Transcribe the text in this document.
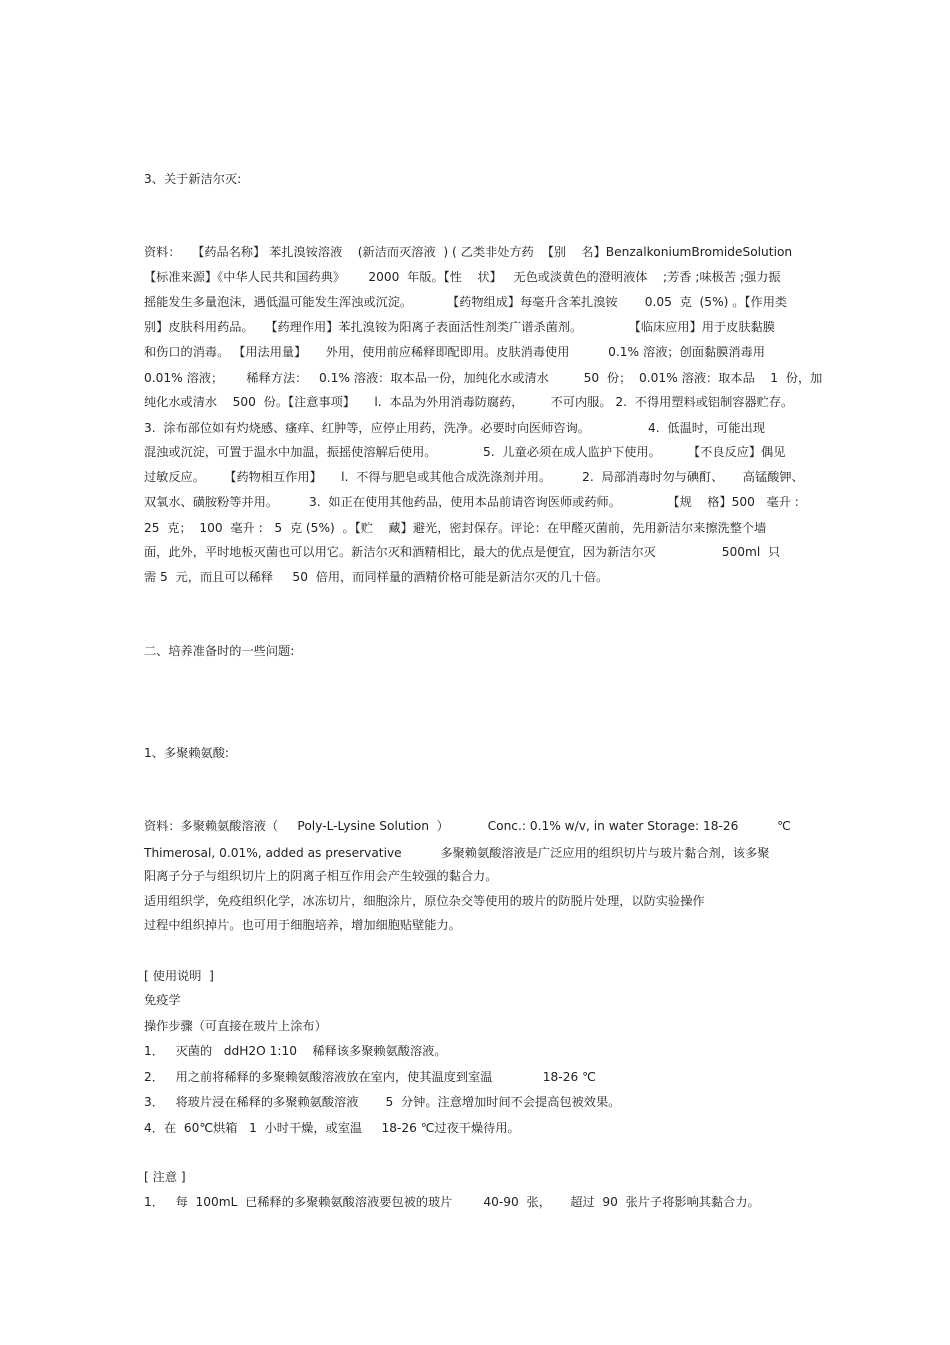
3、关于新洁尔灭:
资料：   【药品名称】 苯扎溴铵溶液    (新洁而灭溶液  ) ( 乙类非处方药  【别    名】BenzalkoniumBromideSolution
【标准来源】《中华人民共和国药典》      2000  年版。【性    状】   无色或淡黄色的澄明液体    ;芳香 ;味极苦 ;强力振
摇能发生多量泡沫，遇低温可能发生浑浊或沉淀。         【药物组成】每毫升含苯扎溴铵       0.05  克  (5%) 。【作用类
别】皮肤科用药品。   【药理作用】苯扎溴铵为阳离子表面活性剂类广谱杀菌剂。            【临床应用】用于皮肤黏膜
和伤口的消毒。 【用法用量】     外用，使用前应稀释即配即用。皮肤消毒使用          0.1% 溶液；创面黏膜消毒用
0.01% 溶液；      稀释方法：   0.1% 溶液：取本品一份，加纯化水或清水         50  份；  0.01% 溶液：取本品    1  份，加
纯化水或清水    500  份。【注意事项】     l.  本品为外用消毒防腐药，       不可内服。 2.  不得用塑料或铝制容器贮存。
3.  涂布部位如有灼烧感、瘙痒、红肿等，应停止用药，洗净。必要时向医师咨询。               4.  低温时，可能出现
混浊或沉淀，可置于温水中加温，振摇使溶解后使用。            5.  儿童必须在成人监护下使用。       【不良反应】偶见
过敏反应。     【药物相互作用】     l.  不得与肥皂或其他合成洗涤剂并用。        2.  局部消毒时勿与碘酊、     高锰酸钾、
双氧水、磺胺粉等并用。        3.  如正在使用其他药品，使用本品前请咨询医师或药师。            【规    格】500   毫升 :
25  克；  100  毫升 :   5  克 (5%)  。【贮    藏】避光，密封保存。评论：在甲醛灭菌前，先用新洁尔来擦洗整个墙
面，此外，平时地板灭菌也可以用它。新洁尔灭和酒精相比，最大的优点是便宜，因为新洁尔灭                 500ml  只
需 5  元，而且可以稀释     50  倍用，而同样量的酒精价格可能是新洁尔灭的几十倍。
二、培养准备时的一些问题:
1、多聚赖氨酸:
资料：多聚赖氨酸溶液（     Poly-L-Lysine Solution  ）          Conc.: 0.1% w/v, in water Storage: 18-26          ℃
Thimerosal, 0.01%, added as preservative          多聚赖氨酸溶液是广泛应用的组织切片与玻片黏合剂，该多聚
阳离子分子与组织切片上的阴离子相互作用会产生较强的黏合力。
适用组织学，免疫组织化学，冰冻切片，细胞涂片，原位杂交等使用的玻片的防脱片处理，以防实验操作
过程中组织掉片。也可用于细胞培养，增加细胞贴壁能力。
[ 使用说明  ]
免疫学
操作步骤（可直接在玻片上涂布）
1．   灭菌的   ddH2O 1:10    稀释该多聚赖氨酸溶液。
2．   用之前将稀释的多聚赖氨酸溶液放在室内，使其温度到室温             18-26 ℃
3．   将玻片浸在稀释的多聚赖氨酸溶液       5  分钟。注意增加时间不会提高包被效果。
4．在  60℃烘箱   1  小时干燥，或室温     18-26 ℃过夜干燥待用。
[ 注意 ]
1．   每  100mL  已稀释的多聚赖氨酸溶液要包被的玻片        40-90  张，     超过  90  张片子将影响其黏合力。
